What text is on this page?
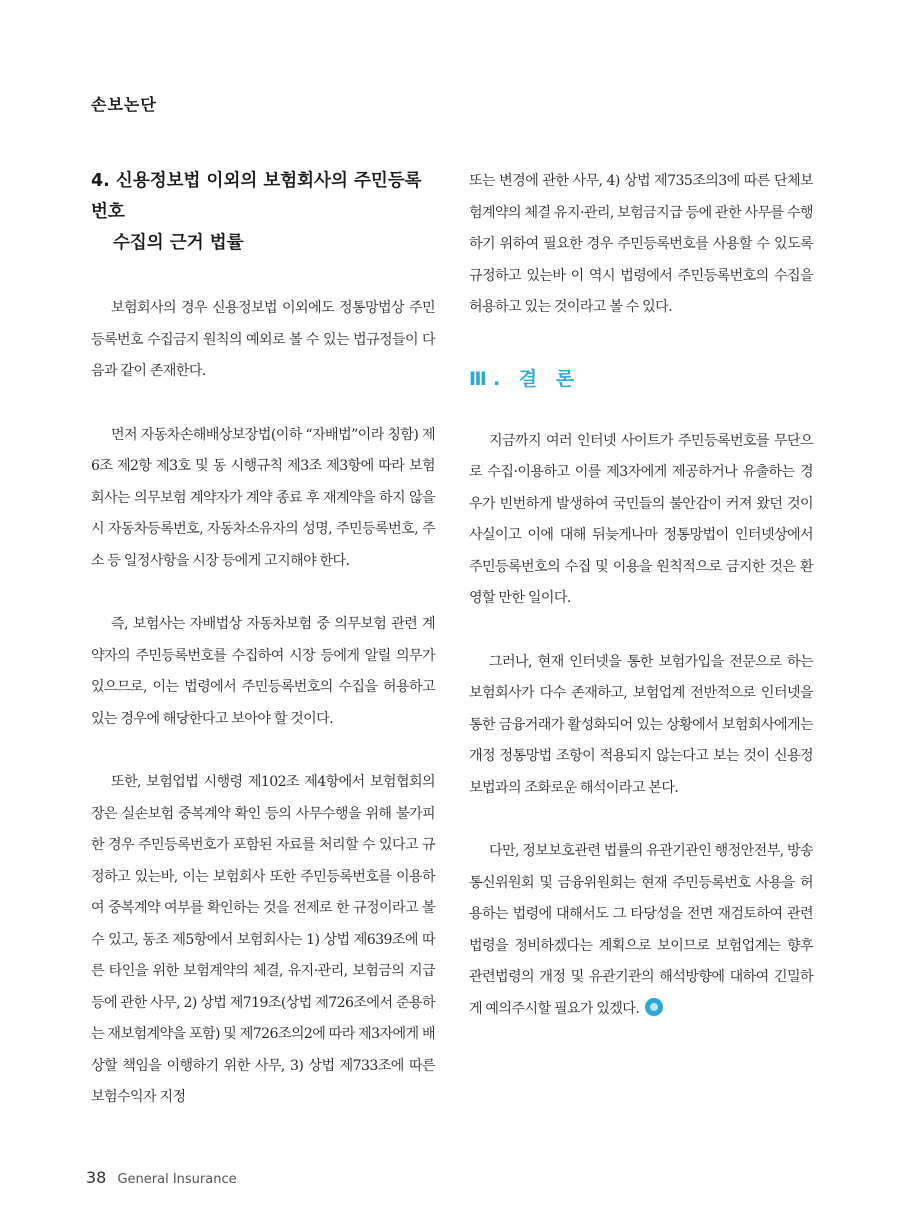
손보논단
4. 신용정보법 이외의 보험회사의 주민등록번호
수집의 근거 법률

보험회사의 경우 신용정보법 이외에도 정통망법상 주민등록번호 수집금지 원칙의 예외로 볼 수 있는 법규정들이 다음과 같이 존재한다.

먼저 자동차손해배상보장법(이하 “자배법”이라 칭함) 제6조 제2항 제3호 및 동 시행규칙 제3조 제3항에 따라 보험회사는 의무보험 계약자가 계약 종료 후 재계약을 하지 않을 시 자동차등록번호, 자동차소유자의 성명, 주민등록번호, 주소 등 일정사항을 시장 등에게 고지해야 한다.

즉, 보험사는 자배법상 자동차보험 중 의무보험 관련 계약자의 주민등록번호를 수집하여 시장 등에게 알릴 의무가 있으므로, 이는 법령에서 주민등록번호의 수집을 허용하고 있는 경우에 해당한다고 보아야 할 것이다.

또한, 보험업법 시행령 제102조 제4항에서 보험협회의 장은 실손보험 중복계약 확인 등의 사무수행을 위해 불가피한 경우 주민등록번호가 포함된 자료를 처리할 수 있다고 규정하고 있는바, 이는 보험회사 또한 주민등록번호를 이용하여 중복계약 여부를 확인하는 것을 전제로 한 규정이라고 볼 수 있고, 동조 제5항에서 보험회사는 1) 상법 제639조에 따른 타인을 위한 보험계약의 체결, 유지·관리, 보험금의 지급 등에 관한 사무, 2) 상법 제719조(상법 제726조에서 준용하는 재보험계약을 포함) 및 제726조의2에 따라 제3자에게 배상할 책임을 이행하기 위한 사무, 3) 상법 제733조에 따른 보험수익자 지정

또는 변경에 관한 사무, 4) 상법 제735조의3에 따른 단체보험계약의 체결 유지·관리, 보험금지급 등에 관한 사무를 수행하기 위하여 필요한 경우 주민등록번호를 사용할 수 있도록 규정하고 있는바 이 역시 법령에서 주민등록번호의 수집을 허용하고 있는 것이라고 볼 수 있다.

Ⅲ. 결 론

지금까지 여러 인터넷 사이트가 주민등록번호를 무단으로 수집·이용하고 이를 제3자에게 제공하거나 유출하는 경우가 빈번하게 발생하여 국민들의 불안감이 커져 왔던 것이 사실이고 이에 대해 뒤늦게나마 정통망법이 인터넷상에서 주민등록번호의 수집 및 이용을 원칙적으로 금지한 것은 환영할 만한 일이다.

그러나, 현재 인터넷을 통한 보험가입을 전문으로 하는 보험회사가 다수 존재하고, 보험업계 전반적으로 인터넷을 통한 금융거래가 활성화되어 있는 상황에서 보험회사에게는 개정 정통망법 조항이 적용되지 않는다고 보는 것이 신용정보법과의 조화로운 해석이라고 본다.

다만, 정보보호관련 법률의 유관기관인 행정안전부, 방송통신위원회 및 금융위원회는 현재 주민등록번호 사용을 허용하는 법령에 대해서도 그 타당성을 전면 재검토하여 관련 법령을 정비하겠다는 계획으로 보이므로 보험업계는 향후 관련법령의 개정 및 유관기관의 해석방향에 대하여 긴밀하게 예의주시할 필요가 있겠다.

38 General Insurance
